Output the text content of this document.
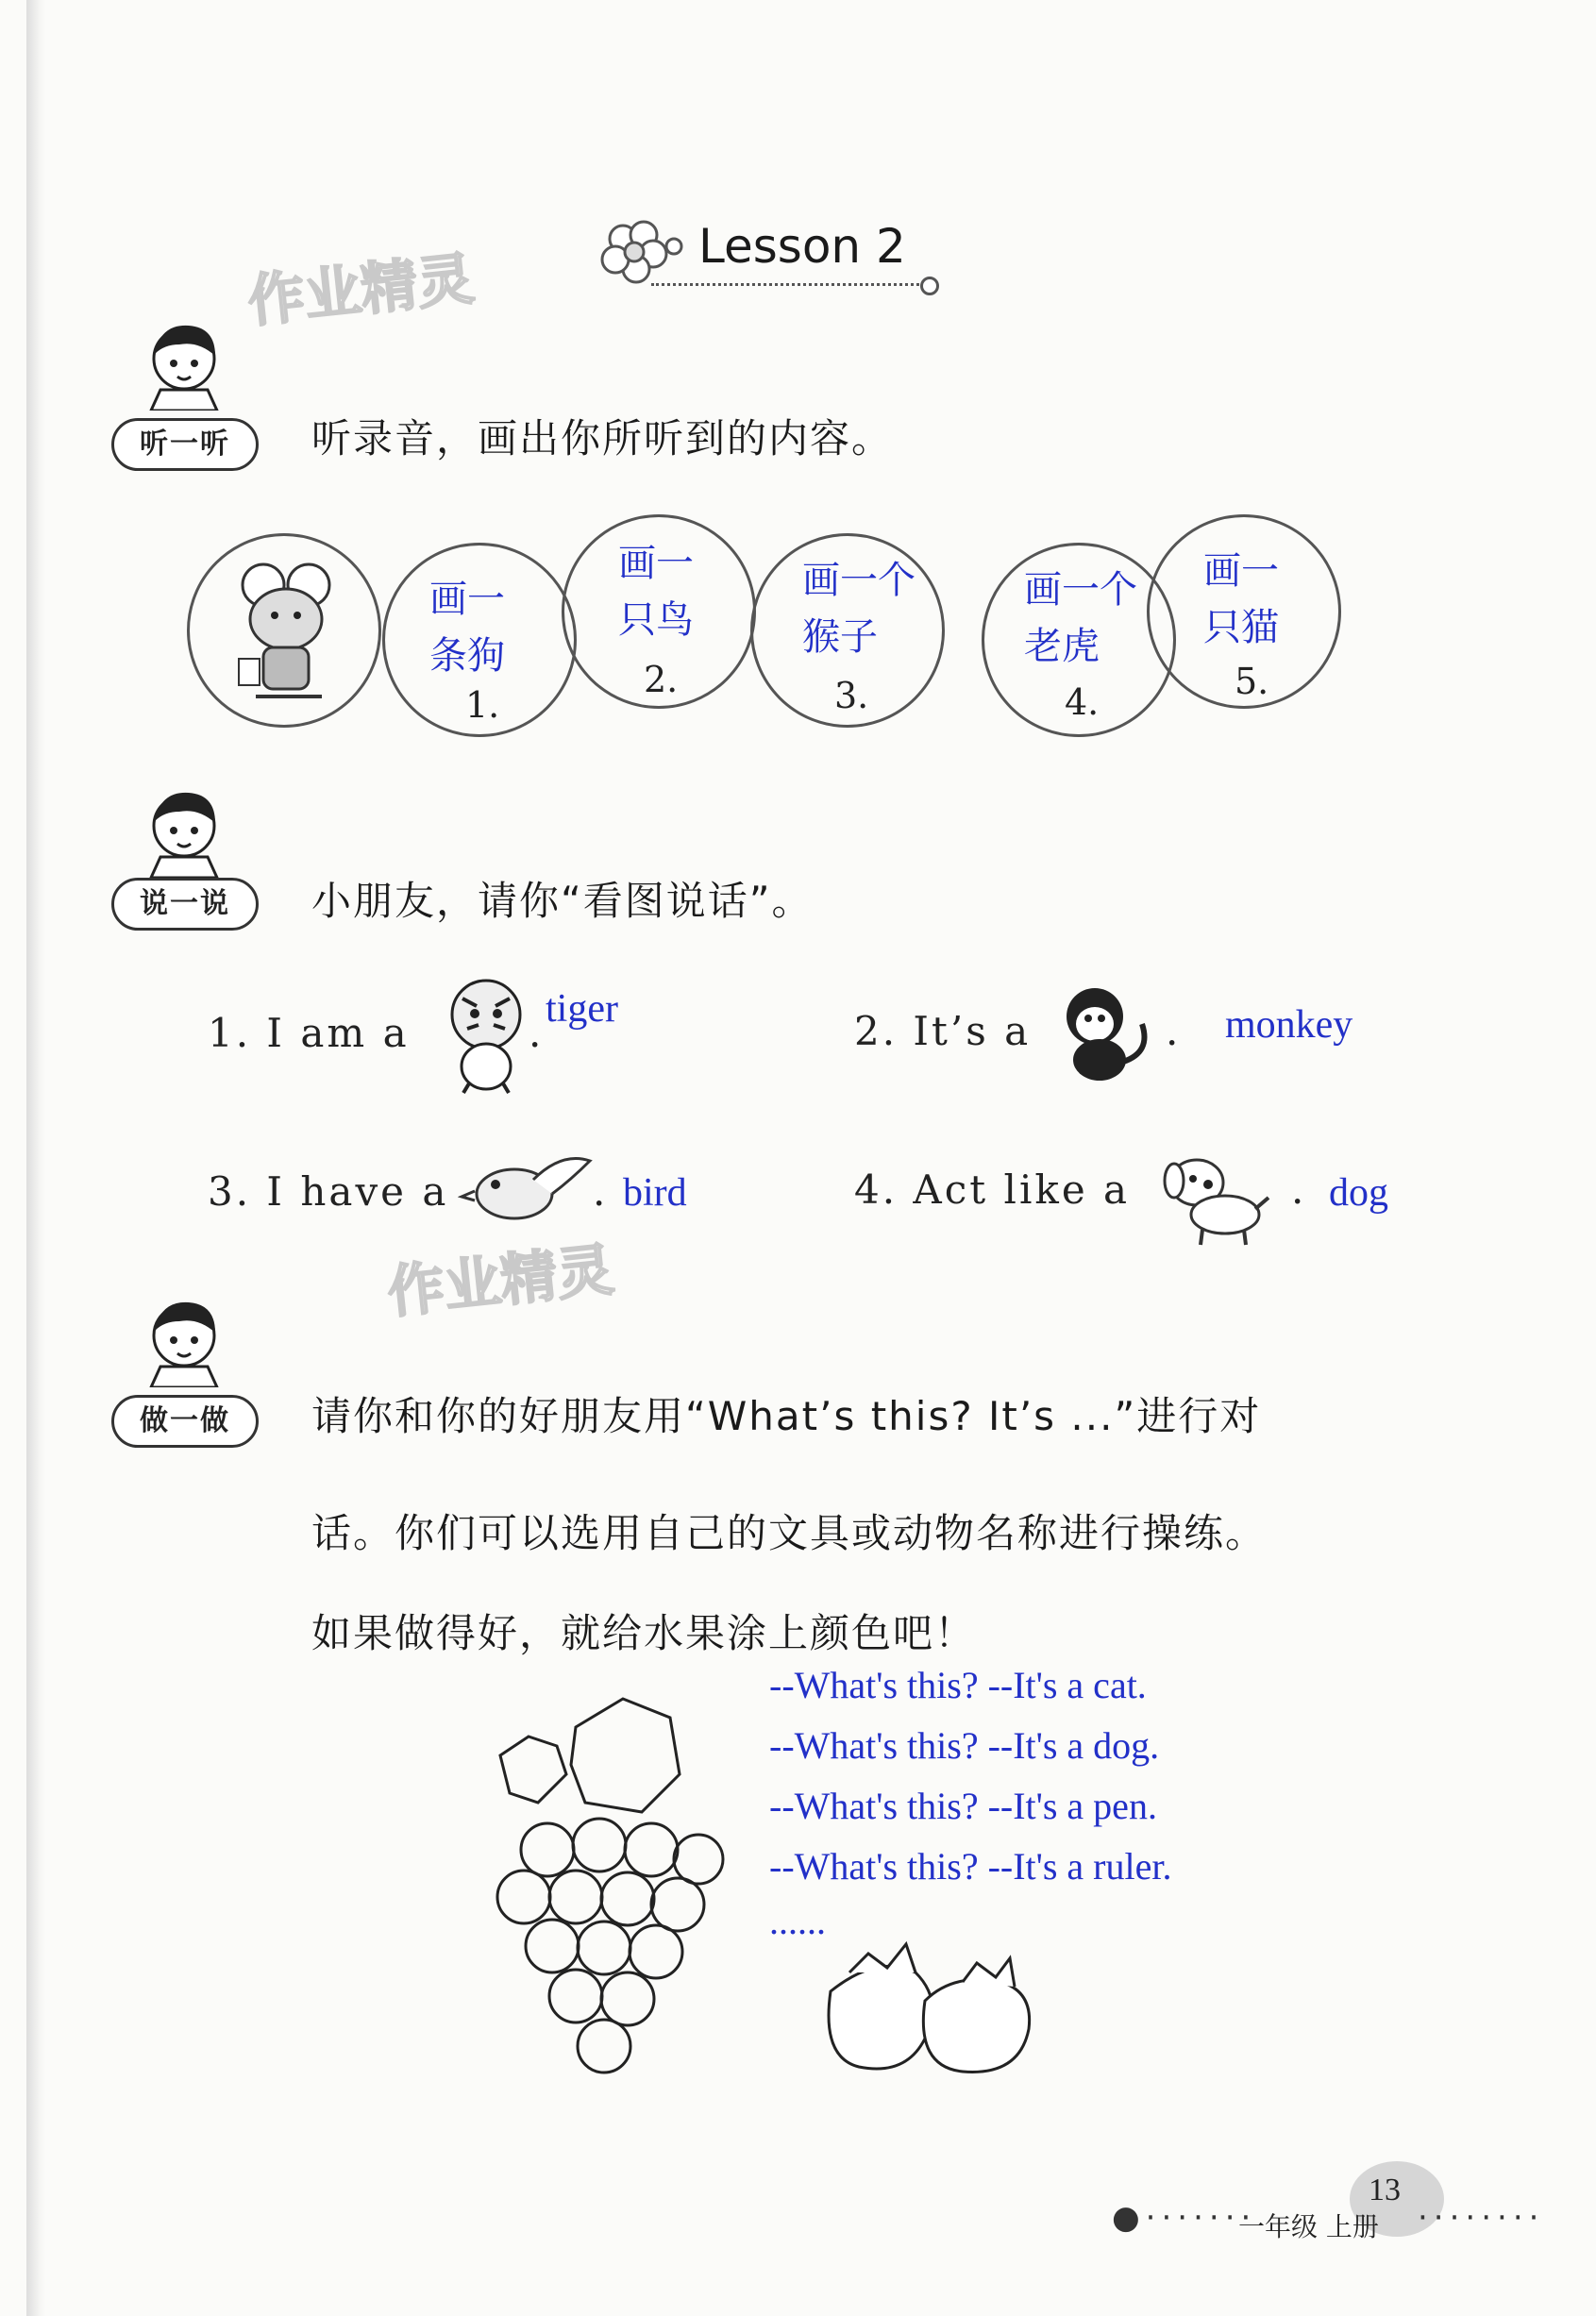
Lesson 2
作业精灵
作业精灵
听一听	听录音，画出你所听到的内容。
画一
条狗
1.
画一
只鸟
2.
画一个
猴子
3.
画一个
老虎
4.
画一
只猫
5.
说一说	小朋友，请你“看图说话”。
1. I am a	.
tiger	2. It’s a	. monkey
3. I have a	. bird	4. Act like a	. dog
做一做	请你和你的好朋友用“What’s this? It’s ...”进行对
话。你们可以选用自己的文具或动物名称进行操练。
如果做得好，就给水果涂上颜色吧！
--What's this? --It's a cat.
--What's this? --It's a dog.
--What's this? --It's a pen.
--What's this? --It's a ruler.
......
13
●·······
一年级 上册 ········
